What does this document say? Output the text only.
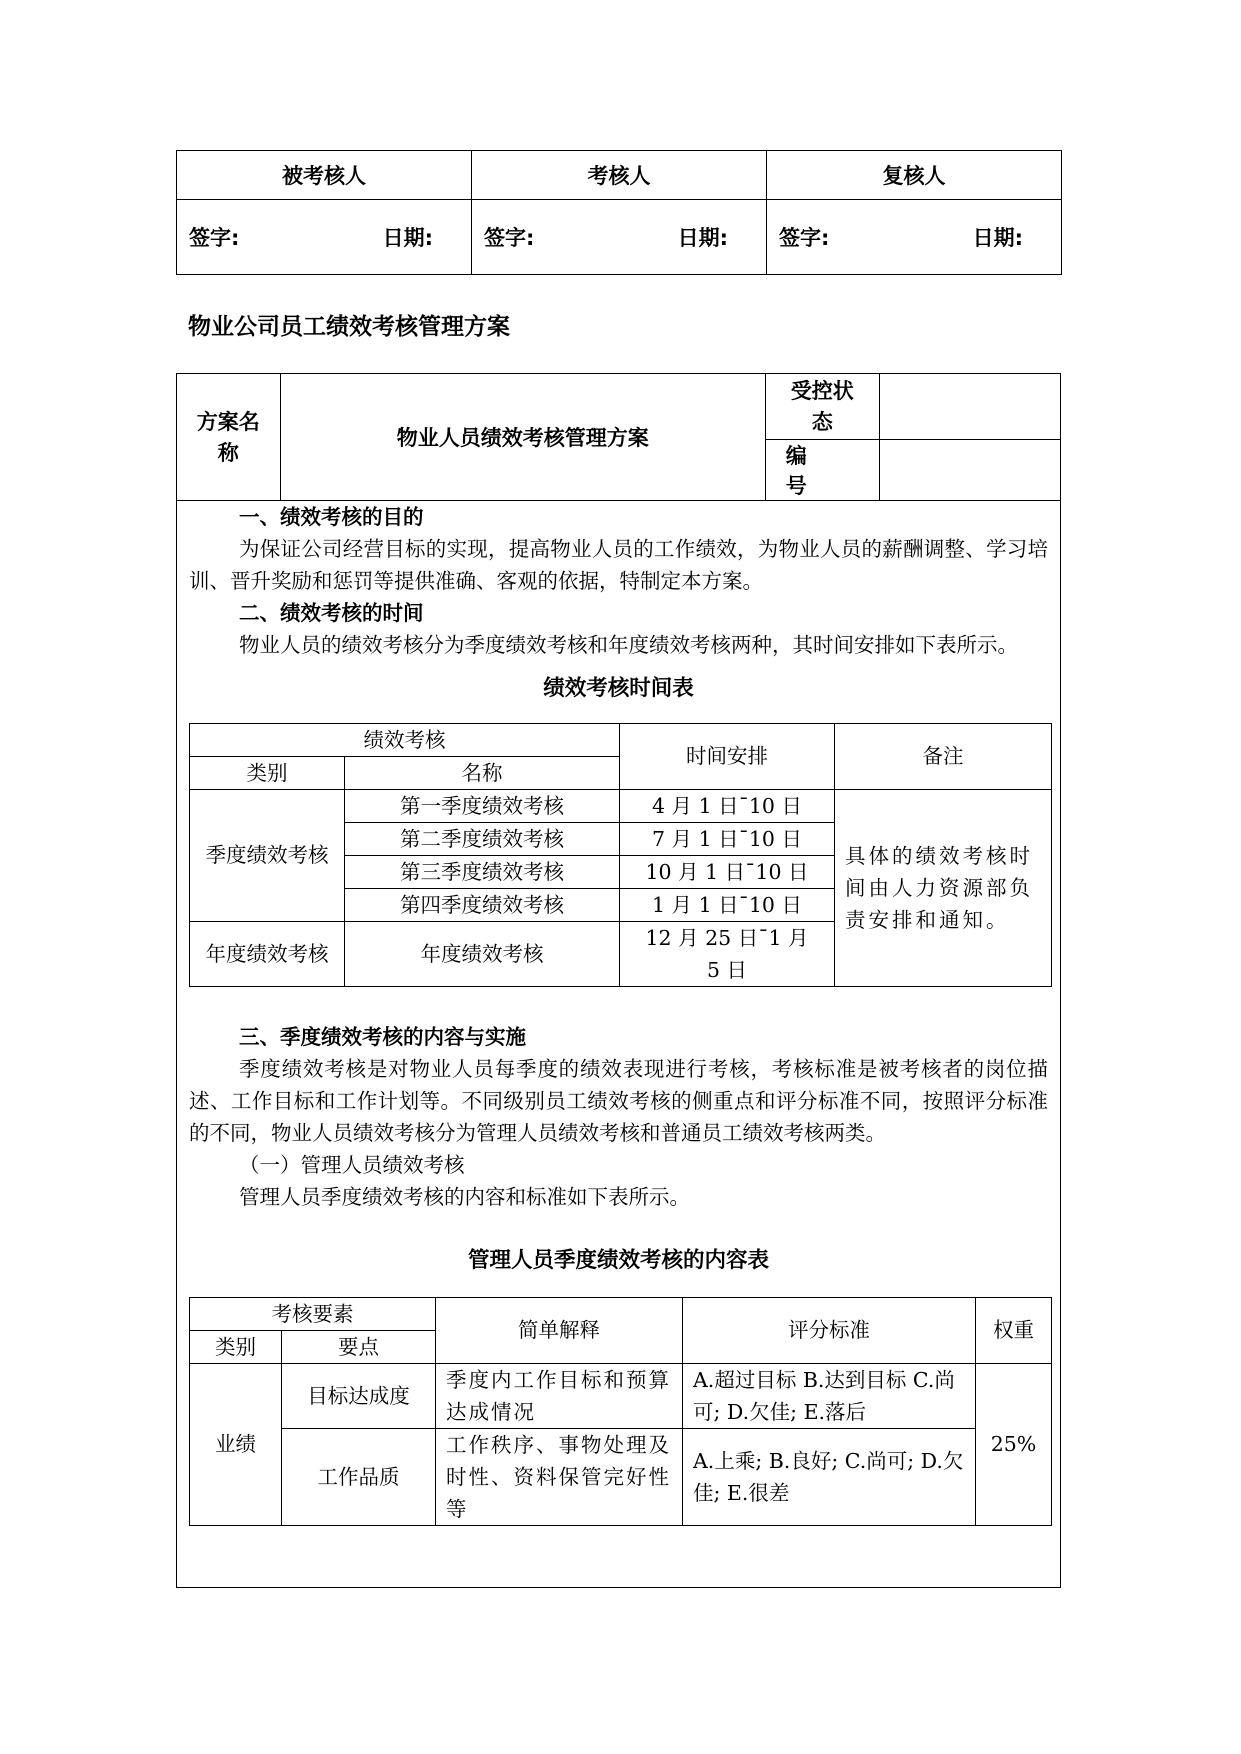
被考核人	考核人	复核人

签字: 日期:	签字: 日期:	签字: 日期:
物业公司员工绩效考核管理方案
方案名称	物业人员绩效考核管理方案	受控状态	

		编号	

一、绩效考核的目的

为保证公司经营目标的实现，提高物业人员的工作绩效，为物业人员的薪酬调整、学习培训、晋升奖励和惩罚等提供准确、客观的依据，特制定本方案。

二、绩效考核的时间

物业人员的绩效考核分为季度绩效考核和年度绩效考核两种，其时间安排如下表所示。

绩效考核时间表

绩效考核		时间安排	备注
类别	名称		

季度绩效考核	第一季度绩效考核	4 月 1 日¯10 日	具体的绩效考核时间由人力资源部负责安排和通知。
	第二季度绩效考核	7 月 1 日¯10 日	
	第三季度绩效考核	10 月 1 日¯10 日	
	第四季度绩效考核	1 月 1 日¯10 日	

年度绩效考核	年度绩效考核	12 月 25 日¯1 月 5 日	

三、季度绩效考核的内容与实施

季度绩效考核是对物业人员每季度的绩效表现进行考核，考核标准是被考核者的岗位描述、工作目标和工作计划等。不同级别员工绩效考核的侧重点和评分标准不同，按照评分标准的不同，物业人员绩效考核分为管理人员绩效考核和普通员工绩效考核两类。

（一）管理人员绩效考核

管理人员季度绩效考核的内容和标准如下表所示。

管理人员季度绩效考核的内容表

考核要素		简单解释	评分标准	权重
类别	要点			
业绩	目标达成度	季度内工作目标和预算达成情况	A.超过目标 B.达到目标 C.尚可; D.欠佳; E.落后	25%
	工作品质	工作秩序、事物处理及时性、资料保管完好性等	A.上乘; B.良好; C.尚可; D.欠佳; E.很差	
